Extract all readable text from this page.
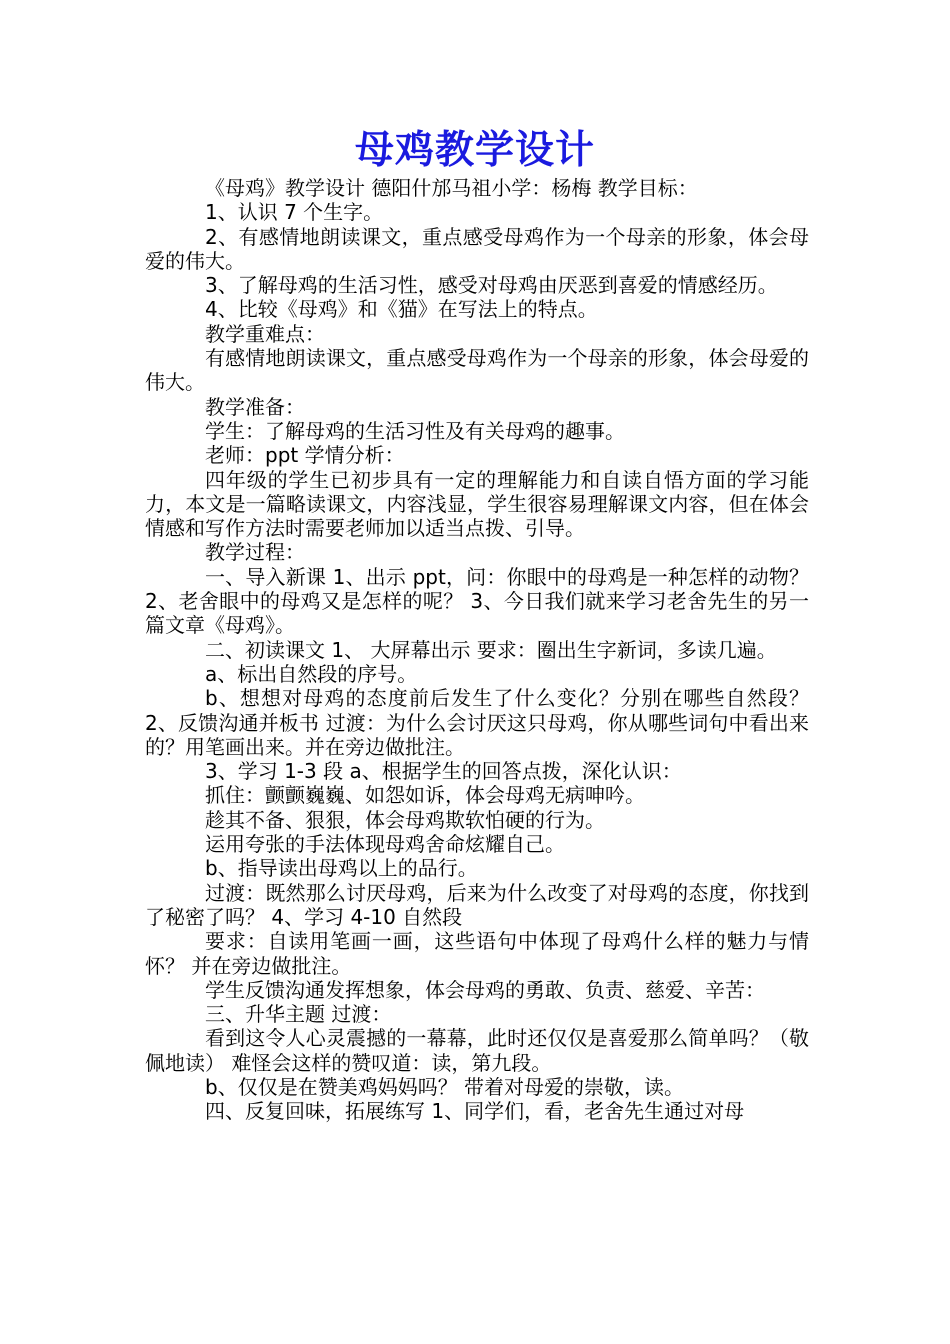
母鸡教学设计

《母鸡》教学设计 德阳什邡马祖小学：杨梅 教学目标：

1、认识 7 个生字。

2、有感情地朗读课文，重点感受母鸡作为一个母亲的形象，体会母爱的伟大。

3、了解母鸡的生活习性，感受对母鸡由厌恶到喜爱的情感经历。

4、比较《母鸡》和《猫》在写法上的特点。

教学重难点：

有感情地朗读课文，重点感受母鸡作为一个母亲的形象，体会母爱的伟大。

教学准备：

学生：了解母鸡的生活习性及有关母鸡的趣事。

老师：ppt 学情分析：

四年级的学生已初步具有一定的理解能力和自读自悟方面的学习能力，本文是一篇略读课文，内容浅显，学生很容易理解课文内容，但在体会情感和写作方法时需要老师加以适当点拨、引导。

教学过程：

一、导入新课 1、出示 ppt，问：你眼中的母鸡是一种怎样的动物？ 2、老舍眼中的母鸡又是怎样的呢？ 3、今日我们就来学习老舍先生的另一篇文章《母鸡》。

二、初读课文 1、 大屏幕出示 要求：圈出生字新词，多读几遍。

a、标出自然段的序号。

b、想想对母鸡的态度前后发生了什么变化？分别在哪些自然段？ 2、反馈沟通并板书 过渡：为什么会讨厌这只母鸡，你从哪些词句中看出来的？用笔画出来。并在旁边做批注。

3、学习 1-3 段 a、根据学生的回答点拨，深化认识：

抓住：颤颤巍巍、如怨如诉，体会母鸡无病呻吟。

趁其不备、狠狠，体会母鸡欺软怕硬的行为。

运用夸张的手法体现母鸡舍命炫耀自己。

b、指导读出母鸡以上的品行。

过渡：既然那么讨厌母鸡，后来为什么改变了对母鸡的态度，你找到了秘密了吗？ 4、学习 4-10 自然段

要求：自读用笔画一画，这些语句中体现了母鸡什么样的魅力与情怀？ 并在旁边做批注。

学生反馈沟通发挥想象，体会母鸡的勇敢、负责、慈爱、辛苦：

三、升华主题 过渡：

看到这令人心灵震撼的一幕幕，此时还仅仅是喜爱那么简单吗？（敬佩地读） 难怪会这样的赞叹道：读，第九段。

b、仅仅是在赞美鸡妈妈吗？ 带着对母爱的崇敬，读。

四、反复回味，拓展练写 1、同学们，看，老舍先生通过对母
